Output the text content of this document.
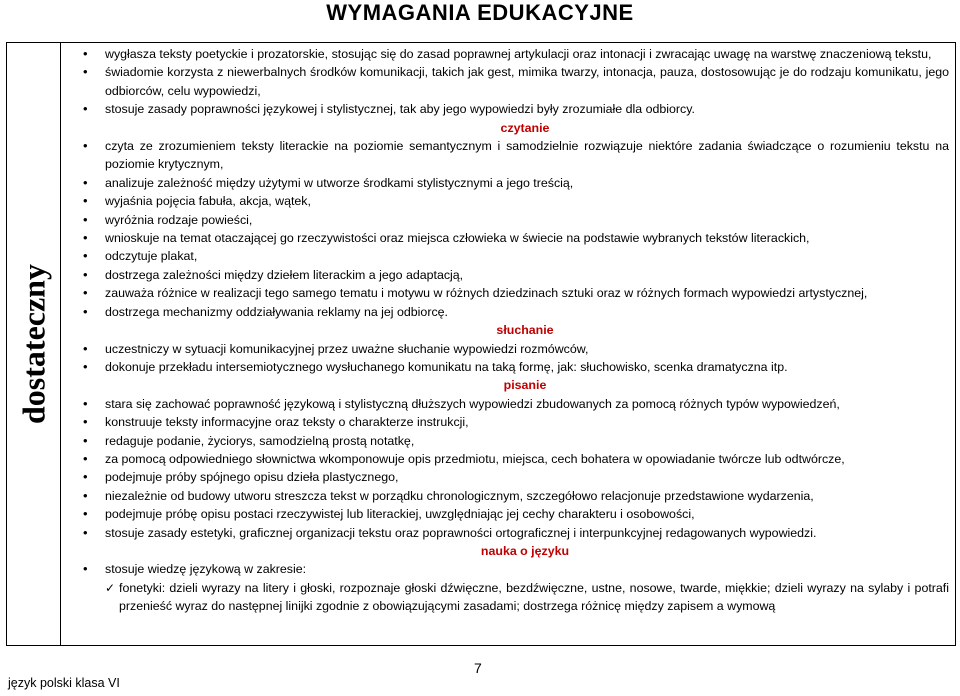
WYMAGANIA EDUKACYJNE
dostateczny
• wygłasza teksty poetyckie i prozatorskie, stosując się do zasad poprawnej artykulacji oraz intonacji i zwracając uwagę na warstwę znaczeniową tekstu,
• świadomie korzysta z niewerbalnych środków komunikacji, takich jak gest, mimika twarzy, intonacja, pauza, dostosowując je do rodzaju komunikatu, jego odbiorców, celu wypowiedzi,
• stosuje zasady poprawności językowej i stylistycznej, tak aby jego wypowiedzi były zrozumiałe dla odbiorcy.
czytanie
• czyta ze zrozumieniem teksty literackie na poziomie semantycznym i samodzielnie rozwiązuje niektóre zadania świadczące o rozumieniu tekstu na poziomie krytycznym,
• analizuje zależność między użytymi w utworze środkami stylistycznymi a jego treścią,
• wyjaśnia pojęcia fabuła, akcja, wątek,
• wyróżnia rodzaje powieści,
• wnioskuje na temat otaczającej go rzeczywistości oraz miejsca człowieka w świecie na podstawie wybranych tekstów literackich,
• odczytuje plakat,
• dostrzega zależności między dziełem literackim a jego adaptacją,
• zauważa różnice w realizacji tego samego tematu i motywu w różnych dziedzinach sztuki oraz w różnych formach wypowiedzi artystycznej,
• dostrzega mechanizmy oddziaływania reklamy na jej odbiorcę.
słuchanie
• uczestniczy w sytuacji komunikacyjnej przez uważne słuchanie wypowiedzi rozmówców,
• dokonuje przekładu intersemiotycznego wysłuchanego komunikatu na taką formę, jak: słuchowisko, scenka dramatyczna itp.
pisanie
• stara się zachować poprawność językową i stylistyczną dłuższych wypowiedzi zbudowanych za pomocą różnych typów wypowiedzeń,
• konstruuje teksty informacyjne oraz teksty o charakterze instrukcji,
• redaguje podanie, życiorys, samodzielną prostą notatkę,
• za pomocą odpowiedniego słownictwa wkomponowuje opis przedmiotu, miejsca, cech bohatera w opowiadanie twórcze lub odtwórcze,
• podejmuje próby spójnego opisu dzieła plastycznego,
• niezależnie od budowy utworu streszcza tekst w porządku chronologicznym, szczegółowo relacjonuje przedstawione wydarzenia,
• podejmuje próbę opisu postaci rzeczywistej lub literackiej, uwzględniając jej cechy charakteru i osobowości,
• stosuje zasady estetyki, graficznej organizacji tekstu oraz poprawności ortograficznej i interpunkcyjnej redagowanych wypowiedzi.
nauka o języku
• stosuje wiedzę językową w zakresie:
✓ fonetyki: dzieli wyrazy na litery i głoski, rozpoznaje głoski dźwięczne, bezdźwięczne, ustne, nosowe, twarde, miękkie; dzieli wyrazy na sylaby i potrafi przenieść wyraz do następnej linijki zgodnie z obowiązującymi zasadami; dostrzega różnicę między zapisem a wymową
język polski klasa VI
7
